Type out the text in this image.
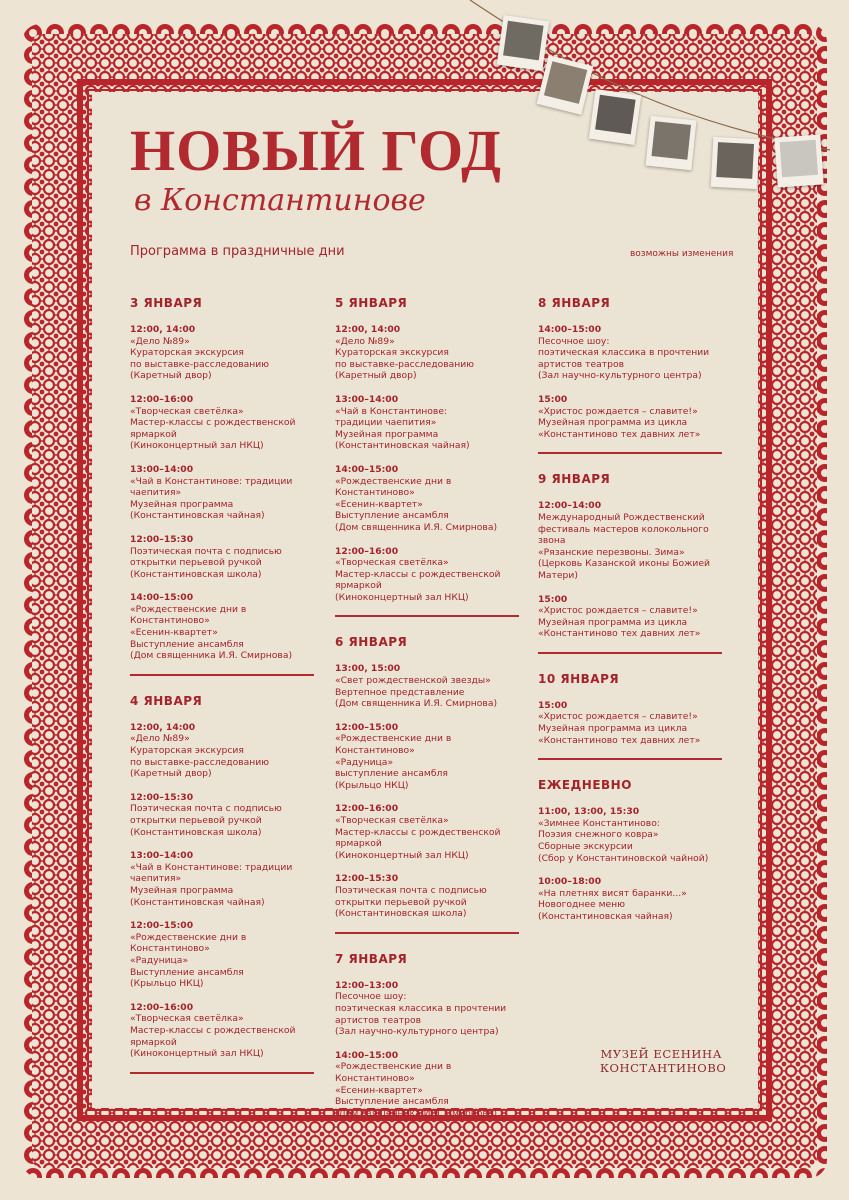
НОВЫЙ ГОД
в Константинове
Программа в праздничные дни	возможны изменения
3 ЯНВАРЯ
12:00, 14:00
«Дело №89»
Кураторская экскурсия
по выставке-расследованию
(Каретный двор)
12:00–16:00
«Творческая светёлка»
Мастер-классы с рождественской
ярмаркой
(Киноконцертный зал НКЦ)
13:00–14:00
«Чай в Константинове: традиции
чаепития»
Музейная программа
(Константиновская чайная)
12:00–15:30
Поэтическая почта с подписью
открытки перьевой ручкой
(Константиновская школа)
14:00–15:00
«Рождественские дни в Константиново»
«Есенин-квартет»
Выступление ансамбля
(Дом священника И.Я. Смирнова)
4 ЯНВАРЯ
12:00, 14:00
«Дело №89»
Кураторская экскурсия
по выставке-расследованию
(Каретный двор)
12:00–15:30
Поэтическая почта с подписью
открытки перьевой ручкой
(Константиновская школа)
13:00–14:00
«Чай в Константинове: традиции
чаепития»
Музейная программа
(Константиновская чайная)
12:00–15:00
«Рождественские дни в Константиново»
«Радуница»
Выступление ансамбля
(Крыльцо НКЦ)
12:00–16:00
«Творческая светёлка»
Мастер-классы с рождественской
ярмаркой
(Киноконцертный зал НКЦ)
5 ЯНВАРЯ
12:00, 14:00
«Дело №89»
Кураторская экскурсия
по выставке-расследованию
(Каретный двор)
13:00–14:00
«Чай в Константинове:
традиции чаепития»
Музейная программа
(Константиновская чайная)
14:00–15:00
«Рождественские дни в Константиново»
«Есенин-квартет»
Выступление ансамбля
(Дом священника И.Я. Смирнова)
12:00–16:00
«Творческая светёлка»
Мастер-классы с рождественской
ярмаркой
(Киноконцертный зал НКЦ)
6 ЯНВАРЯ
13:00, 15:00
«Свет рождественской звезды»
Вертепное представление
(Дом священника И.Я. Смирнова)
12:00–15:00
«Рождественские дни в Константиново»
«Радуница»
выступление ансамбля
(Крыльцо НКЦ)
12:00–16:00
«Творческая светёлка»
Мастер-классы с рождественской
ярмаркой
(Киноконцертный зал НКЦ)
12:00–15:30
Поэтическая почта с подписью
открытки перьевой ручкой
(Константиновская школа)
7 ЯНВАРЯ
12:00–13:00
Песочное шоу:
поэтическая классика в прочтении
артистов театров
(Зал научно-культурного центра)
14:00–15:00
«Рождественские дни в Константиново»
«Есенин-квартет»
Выступление ансамбля
(Дом священника И.Я. Смирнова)
8 ЯНВАРЯ
14:00–15:00
Песочное шоу:
поэтическая классика в прочтении
артистов театров
(Зал научно-культурного центра)
15:00
«Христос рождается – славите!»
Музейная программа из цикла
«Константиново тех давних лет»
9 ЯНВАРЯ
12:00–14:00
Международный Рождественский
фестиваль мастеров колокольного звона
«Рязанские перезвоны. Зима»
(Церковь Казанской иконы Божией Матери)
15:00
«Христос рождается – славите!»
Музейная программа из цикла
«Константиново тех давних лет»
10 ЯНВАРЯ
15:00
«Христос рождается – славите!»
Музейная программа из цикла
«Константиново тех давних лет»
ЕЖЕДНЕВНО
11:00, 13:00, 15:30
«Зимнее Константиново:
Поэзия снежного ковра»
Сборные экскурсии
(Сбор у Константиновской чайной)
10:00–18:00
«На плетнях висят баранки...»
Новогоднее меню
(Константиновская чайная)
МУЗЕЙ ЕСЕНИНА
КОНСТАНТИНОВО
